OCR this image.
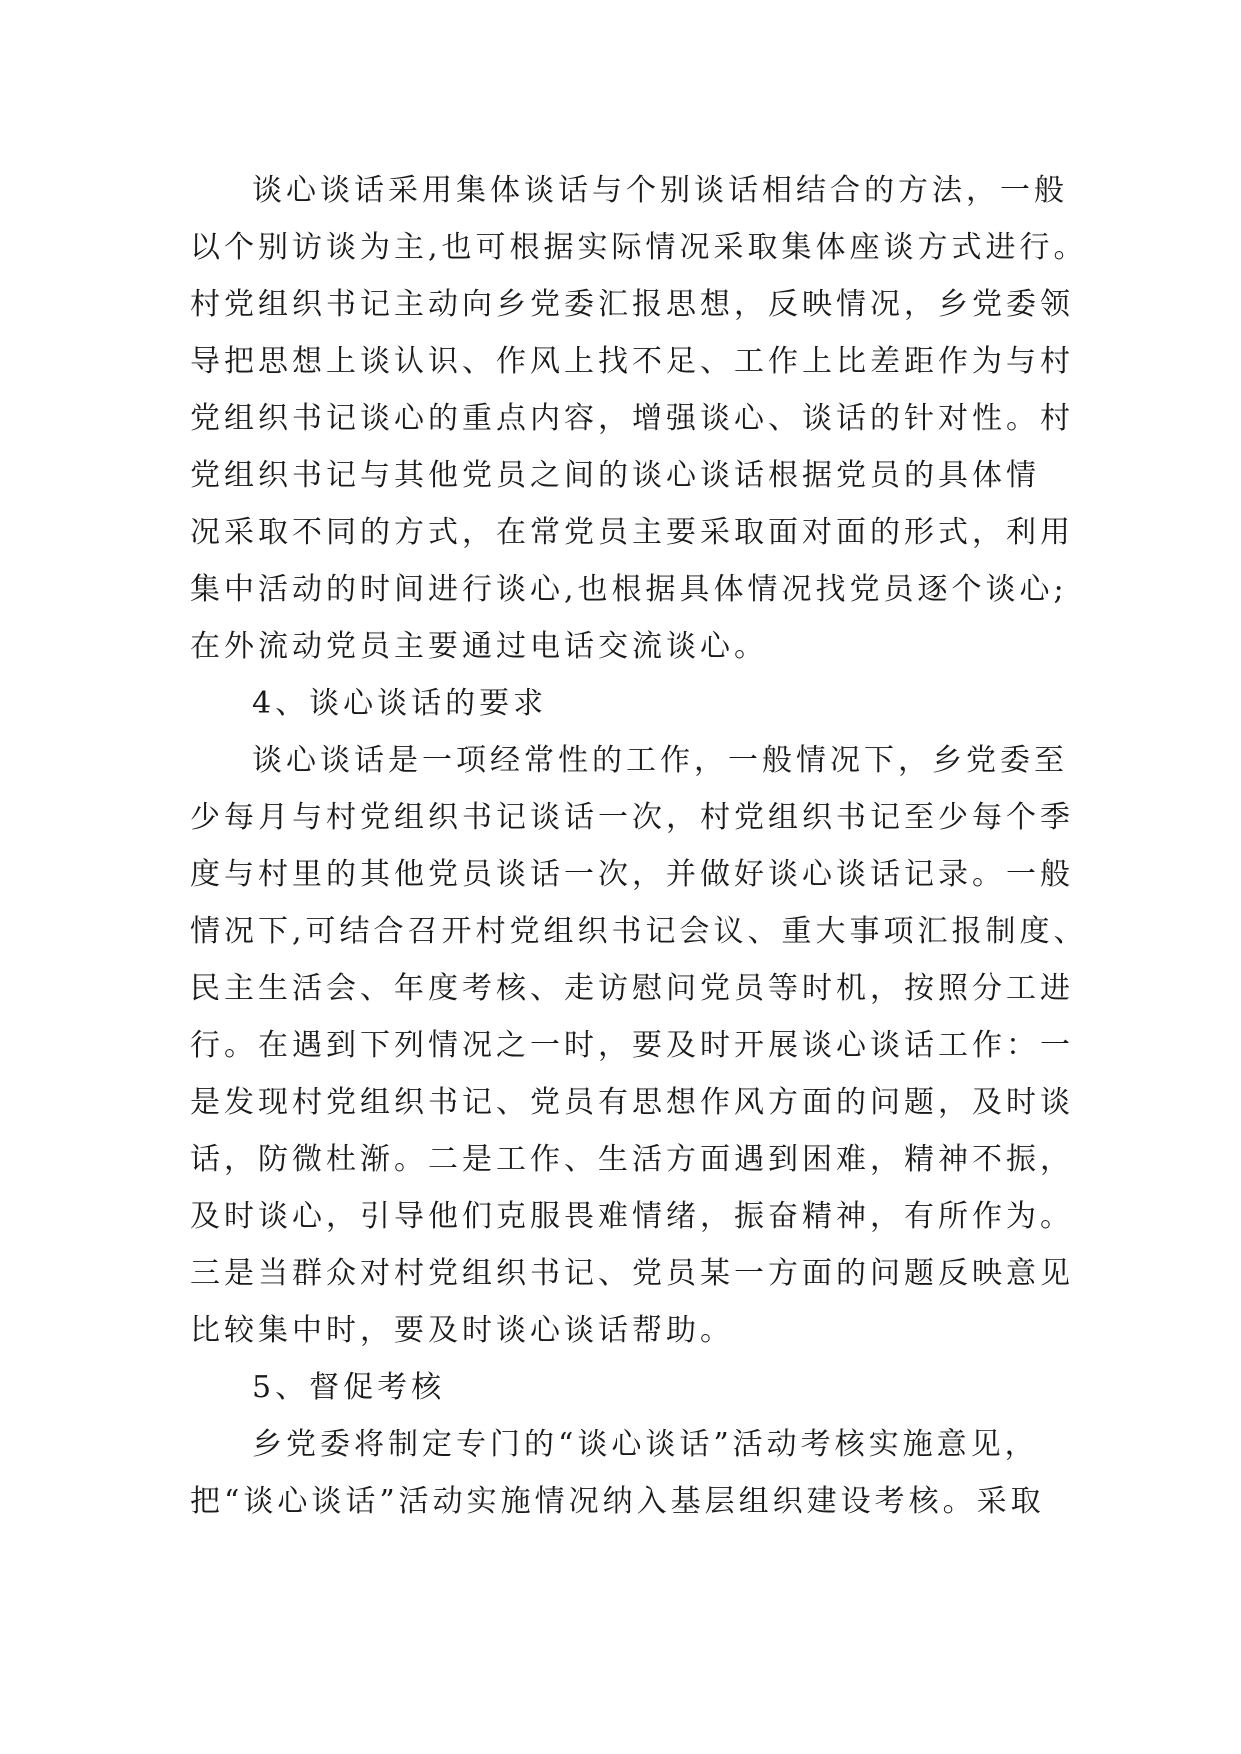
谈心谈话采用集体谈话与个别谈话相结合的方法，一般
以个别访谈为主,也可根据实际情况采取集体座谈方式进行。
村党组织书记主动向乡党委汇报思想，反映情况，乡党委领
导把思想上谈认识、作风上找不足、工作上比差距作为与村
党组织书记谈心的重点内容，增强谈心、谈话的针对性。村
党组织书记与其他党员之间的谈心谈话根据党员的具体情
况采取不同的方式，在常党员主要采取面对面的形式，利用
集中活动的时间进行谈心,也根据具体情况找党员逐个谈心;
在外流动党员主要通过电话交流谈心。
4、谈心谈话的要求
谈心谈话是一项经常性的工作，一般情况下，乡党委至
少每月与村党组织书记谈话一次，村党组织书记至少每个季
度与村里的其他党员谈话一次，并做好谈心谈话记录。一般
情况下,可结合召开村党组织书记会议、重大事项汇报制度、
民主生活会、年度考核、走访慰问党员等时机，按照分工进
行。在遇到下列情况之一时，要及时开展谈心谈话工作：一
是发现村党组织书记、党员有思想作风方面的问题，及时谈
话，防微杜渐。二是工作、生活方面遇到困难，精神不振，
及时谈心，引导他们克服畏难情绪，振奋精神，有所作为。
三是当群众对村党组织书记、党员某一方面的问题反映意见
比较集中时，要及时谈心谈话帮助。
5、督促考核
乡党委将制定专门的“谈心谈话”活动考核实施意见，
把“谈心谈话”活动实施情况纳入基层组织建设考核。采取
